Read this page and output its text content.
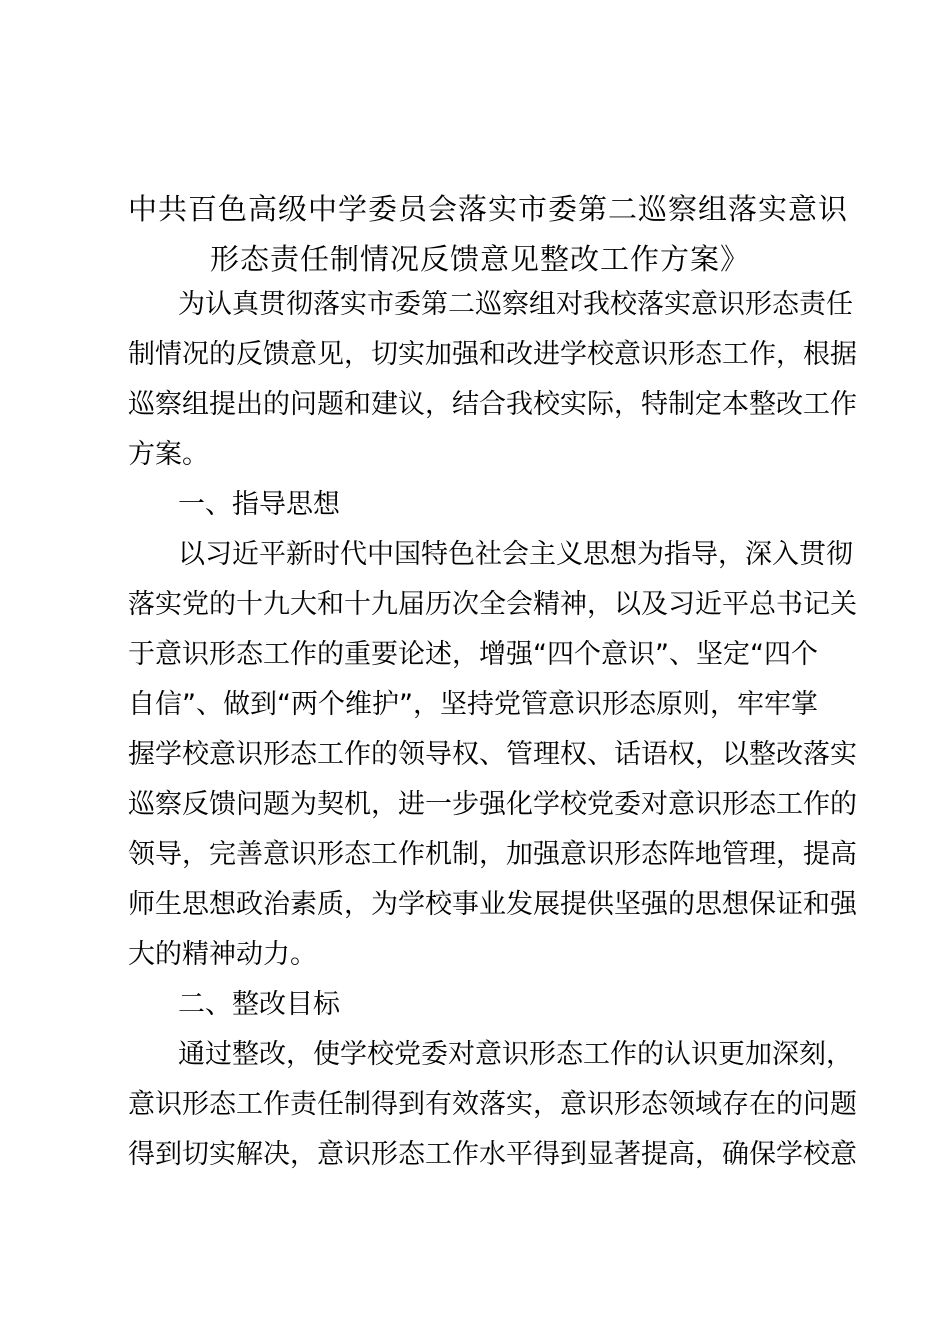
中共百色高级中学委员会落实市委第二巡察组落实意识
形态责任制情况反馈意见整改工作方案》
为认真贯彻落实市委第二巡察组对我校落实意识形态责任
制情况的反馈意见，切实加强和改进学校意识形态工作，根据
巡察组提出的问题和建议，结合我校实际，特制定本整改工作
方案。
一、指导思想
以习近平新时代中国特色社会主义思想为指导，深入贯彻
落实党的十九大和十九届历次全会精神，以及习近平总书记关
于意识形态工作的重要论述，增强“四个意识”、坚定“四个
自信”、做到“两个维护”，坚持党管意识形态原则，牢牢掌
握学校意识形态工作的领导权、管理权、话语权，以整改落实
巡察反馈问题为契机，进一步强化学校党委对意识形态工作的
领导，完善意识形态工作机制，加强意识形态阵地管理，提高
师生思想政治素质，为学校事业发展提供坚强的思想保证和强
大的精神动力。
二、整改目标
通过整改，使学校党委对意识形态工作的认识更加深刻，
意识形态工作责任制得到有效落实，意识形态领域存在的问题
得到切实解决，意识形态工作水平得到显著提高，确保学校意
